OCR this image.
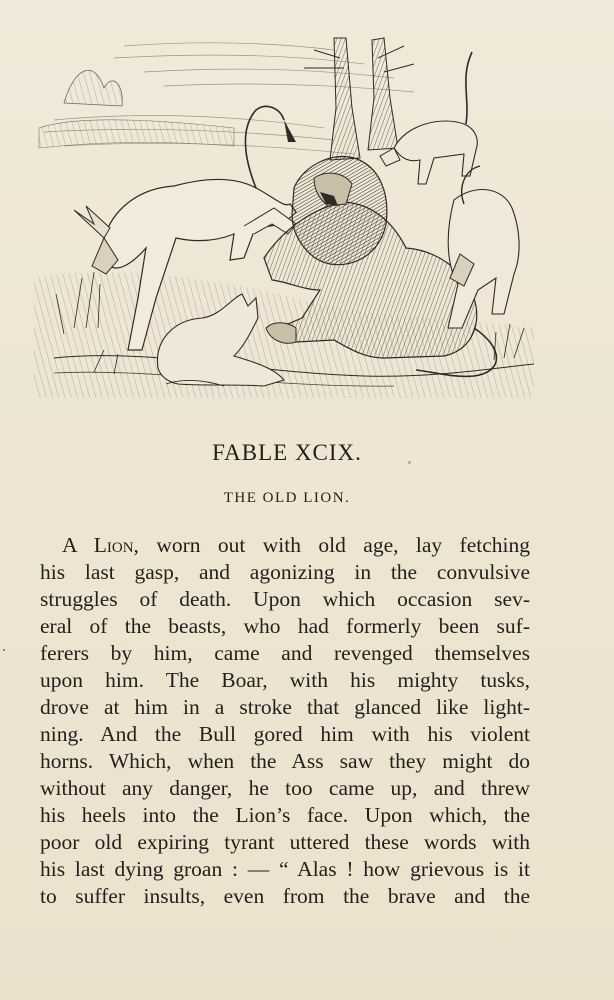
FABLE XCIX.
THE OLD LION.
A Lion, worn out with old age, lay fetching
his last gasp, and agonizing in the convulsive
struggles of death. Upon which occasion sev-
eral of the beasts, who had formerly been suf-
ferers by him, came and revenged themselves
upon him. The Boar, with his mighty tusks,
drove at him in a stroke that glanced like light-
ning. And the Bull gored him with his violent
horns. Which, when the Ass saw they might do
without any danger, he too came up, and threw
his heels into the Lion’s face. Upon which, the
poor old expiring tyrant uttered these words with
his last dying groan : — “ Alas ! how grievous is it
to suffer insults, even from the brave and the
